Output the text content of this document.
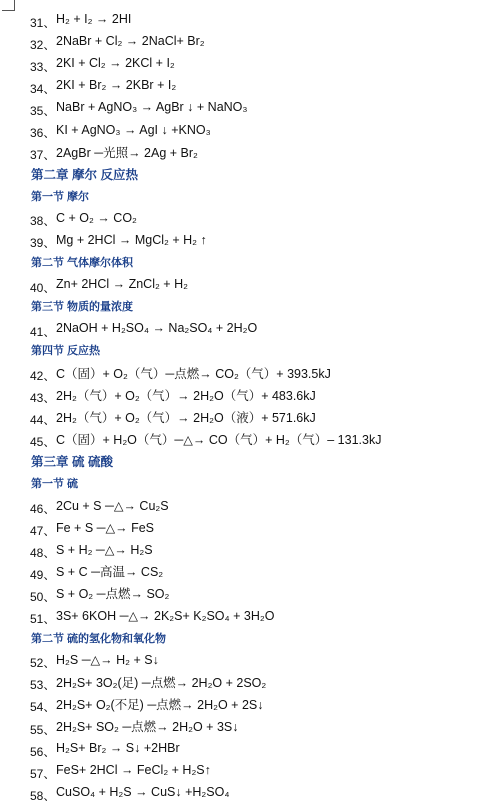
31、 H₂ + I₂ → 2HI
32、 2NaBr + Cl₂ → 2NaCl+ Br₂
33、 2KI + Cl₂ → 2KCl + I₂
34、 2KI + Br₂ → 2KBr + I₂
35、 NaBr + AgNO₃ → AgBr ↓ + NaNO₃
36、 KI + AgNO₃ → AgI ↓ +KNO₃
37、 2AgBr ─光照→ 2Ag + Br₂
第二章 摩尔 反应热
第一节 摩尔
38、 C + O₂ → CO₂
39、 Mg + 2HCl → MgCl₂ + H₂ ↑
第二节 气体摩尔体积
40、 Zn+ 2HCl → ZnCl₂ + H₂
第三节 物质的量浓度
41、 2NaOH + H₂SO₄ → Na₂SO₄ + 2H₂O
第四节 反应热
42、 C（固）+ O₂（气）─点燃→ CO₂（气）+ 393.5kJ
43、 2H₂（气）+ O₂（气）→ 2H₂O（气）+ 483.6kJ
44、 2H₂（气）+ O₂（气）→ 2H₂O（液）+ 571.6kJ
45、 C（固）+ H₂O（气）─△→ CO（气）+ H₂（气）– 131.3kJ
第三章 硫 硫酸
第一节 硫
46、 2Cu + S ─△→ Cu₂S
47、 Fe + S ─△→ FeS
48、 S + H₂ ─△→ H₂S
49、 S + C ─高温→ CS₂
50、 S + O₂ ─点燃→ SO₂
51、 3S+ 6KOH ─△→ 2K₂S+ K₂SO₄ + 3H₂O
第二节 硫的氢化物和氧化物
52、 H₂S ─△→ H₂ + S↓
53、 2H₂S+ 3O₂(足) ─点燃→ 2H₂O + 2SO₂
54、 2H₂S+ O₂(不足) ─点燃→ 2H₂O + 2S↓
55、 2H₂S+ SO₂ ─点燃→ 2H₂O + 3S↓
56、 H₂S+ Br₂ → S↓ +2HBr
57、 FeS+ 2HCl → FeCl₂ + H₂S↑
58、 CuSO₄ + H₂S → CuS↓ +H₂SO₄
